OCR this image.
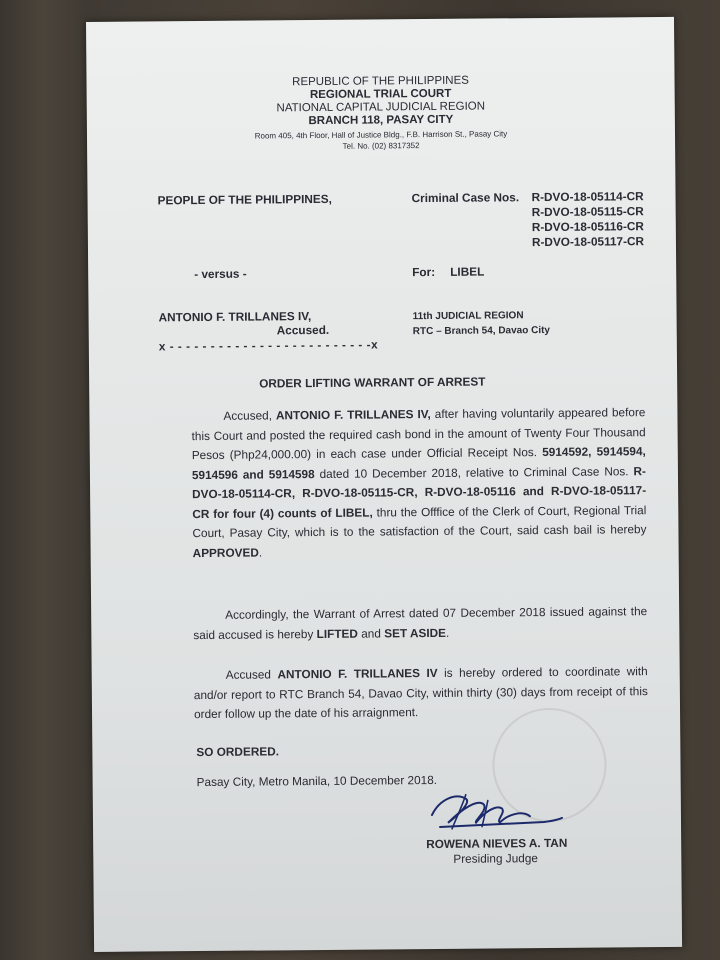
REPUBLIC OF THE PHILIPPINES
REGIONAL TRIAL COURT
NATIONAL CAPITAL JUDICIAL REGION
BRANCH 118, PASAY CITY
Room 405, 4th Floor, Hall of Justice Bldg., F.B. Harrison St., Pasay City
Tel. No. (02) 8317352
PEOPLE OF THE PHILIPPINES,	Criminal Case Nos. R-DVO-18-05114-CR
R-DVO-18-05115-CR
R-DVO-18-05116-CR
R-DVO-18-05117-CR
- versus -	For: LIBEL
ANTONIO F. TRILLANES IV,
Accused.
x - - - - - - - - - - - - - - - - - - - - - - - - -x
11th JUDICIAL REGION
RTC – Branch 54, Davao City
ORDER LIFTING WARRANT OF ARREST
Accused, ANTONIO F. TRILLANES IV, after having voluntarily appeared before this Court and posted the required cash bond in the amount of Twenty Four Thousand Pesos (Php24,000.00) in each case under Official Receipt Nos. 5914592, 5914594, 5914596 and 5914598 dated 10 December 2018, relative to Criminal Case Nos. R-DVO-18-05114-CR, R-DVO-18-05115-CR, R-DVO-18-05116 and R-DVO-18-05117-CR for four (4) counts of LIBEL, thru the Offfice of the Clerk of Court, Regional Trial Court, Pasay City, which is to the satisfaction of the Court, said cash bail is hereby APPROVED.
Accordingly, the Warrant of Arrest dated 07 December 2018 issued against the said accused is hereby LIFTED and SET ASIDE.
Accused ANTONIO F. TRILLANES IV is hereby ordered to coordinate with and/or report to RTC Branch 54, Davao City, within thirty (30) days from receipt of this order follow up the date of his arraignment.
SO ORDERED.
Pasay City, Metro Manila, 10 December 2018.
ROWENA NIEVES A. TAN
Presiding Judge
